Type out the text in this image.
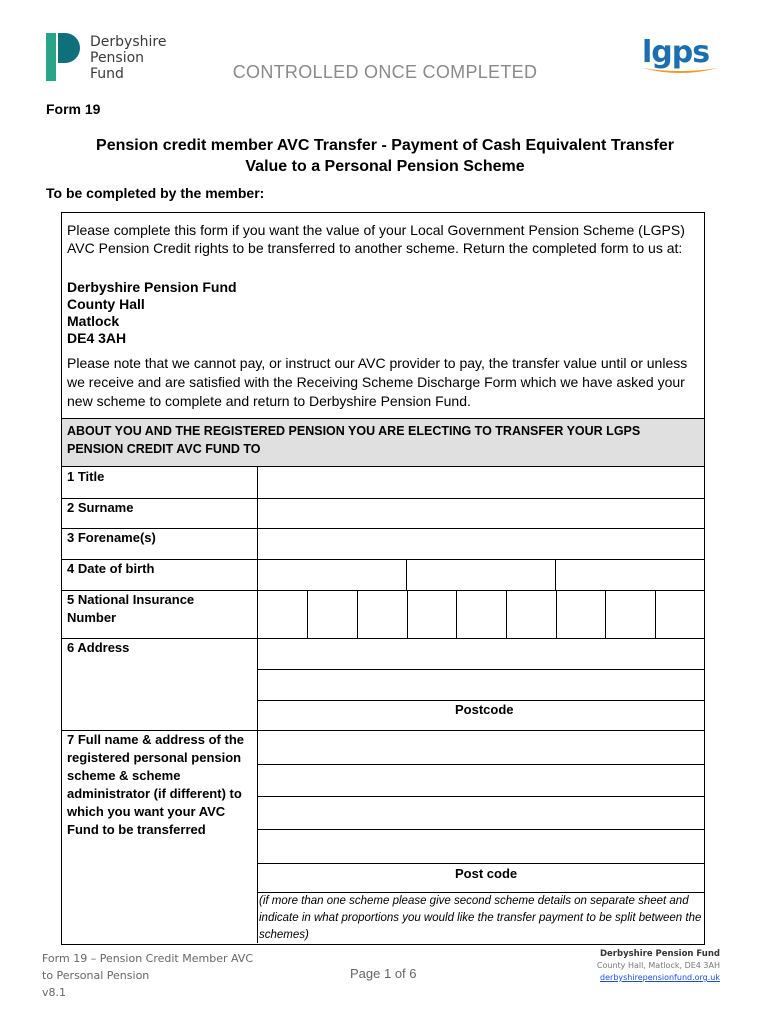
Derbyshire
Pension
Fund
lgps
CONTROLLED ONCE COMPLETED
Form 19
Pension credit member AVC Transfer - Payment of Cash Equivalent Transfer
Value to a Personal Pension Scheme
To be completed by the member:
Please complete this form if you want the value of your Local Government Pension Scheme (LGPS) AVC Pension Credit rights to be transferred to another scheme. Return the completed form to us at:
Derbyshire Pension Fund
County Hall
Matlock
DE4 3AH
Please note that we cannot pay, or instruct our AVC provider to pay, the transfer value until or unless we receive and are satisfied with the Receiving Scheme Discharge Form which we have asked your new scheme to complete and return to Derbyshire Pension Fund.
ABOUT YOU AND THE REGISTERED PENSION YOU ARE ELECTING TO TRANSFER YOUR LGPS PENSION CREDIT AVC FUND TO
1 Title
2 Surname
3 Forename(s)
4 Date of birth
5 National Insurance Number
6 Address
Postcode
7 Full name & address of the registered personal pension scheme & scheme administrator (if different) to which you want your AVC Fund to be transferred
Post code
(if more than one scheme please give second scheme details on separate sheet and indicate in what proportions you would like the transfer payment to be split between the schemes)
Form 19 – Pension Credit Member AVC
to Personal Pension
v8.1
Page 1 of 6
Derbyshire Pension Fund
County Hall, Matlock, DE4 3AH
derbyshirepensionfund.org.uk
